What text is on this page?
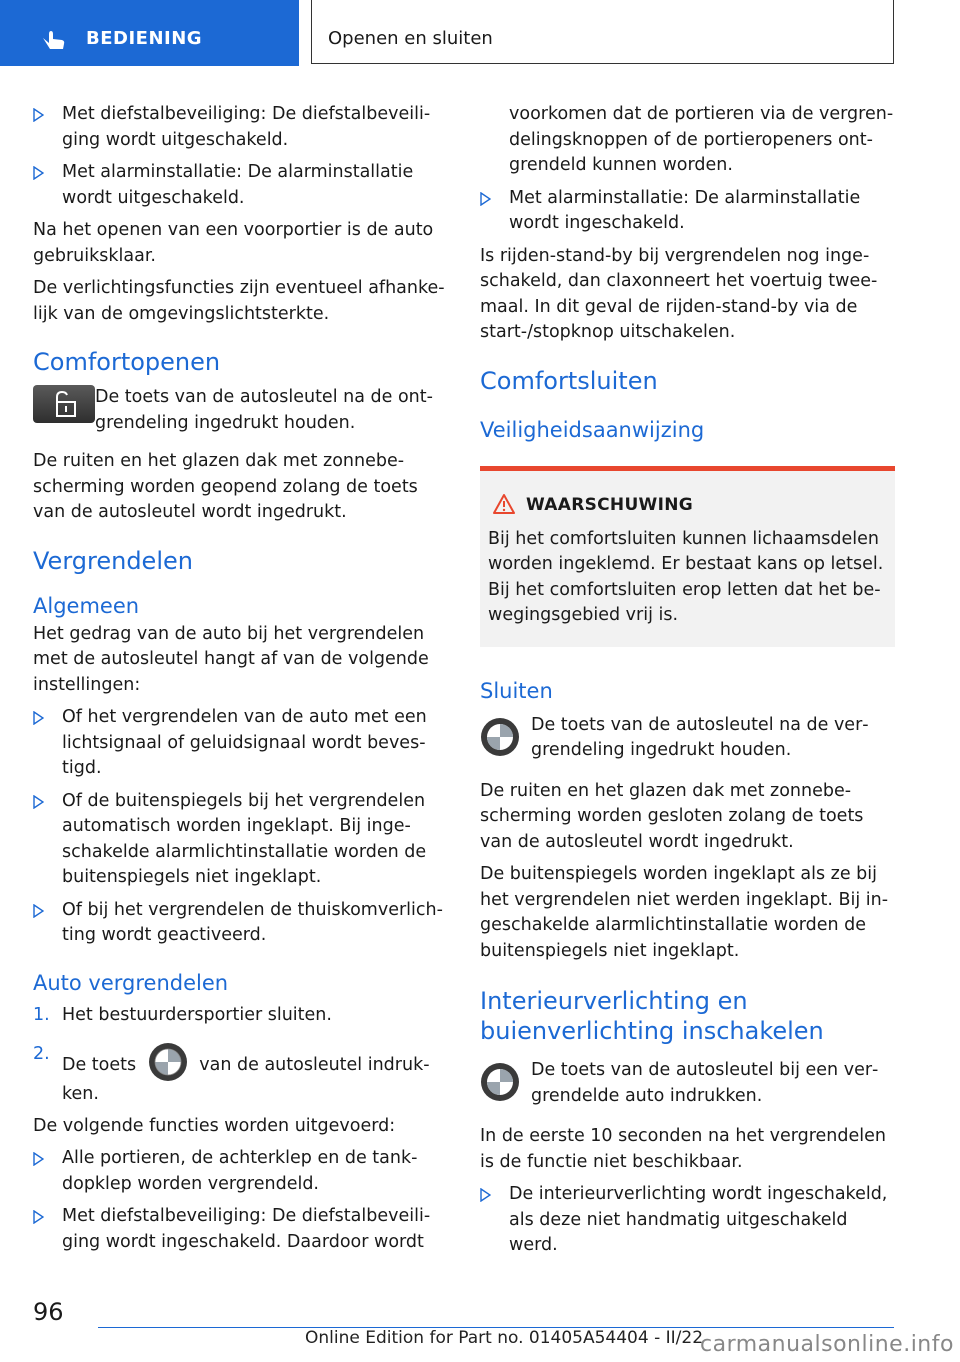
BEDIENING	Openen en sluiten
Met diefstalbeveiliging: De diefstalbeveiliging wordt uitgeschakeld.
Met alarminstallatie: De alarminstallatie wordt uitgeschakeld.

Na het openen van een voorportier is de auto gebruiksklaar.

De verlichtingsfuncties zijn eventueel afhankelijk van de omgevingslichtsterkte.

Comfortopenen

De toets van de autosleutel na de ontgrendeling ingedrukt houden.

De ruiten en het glazen dak met zonnebescherming worden geopend zolang de toets van de autosleutel wordt ingedrukt.

Vergrendelen
Algemeen

Het gedrag van de auto bij het vergrendelen met de autosleutel hangt af van de volgende instellingen:

Of het vergrendelen van de auto met een lichtsignaal of geluidsignaal wordt bevestigd.
Of de buitenspiegels bij het vergrendelen automatisch worden ingeklapt. Bij ingeschakelde alarmlichtinstallatie worden de buitenspiegels niet ingeklapt.
Of bij het vergrendelen de thuiskomverlichting wordt geactiveerd.
Auto vergrendelen
1. Het bestuurdersportier sluiten.
2.
De toets	van de autosleutel indrukken.

De volgende functies worden uitgevoerd:

Alle portieren, de achterklep en de tankdopklep worden vergrendeld.
Met diefstalbeveiliging: De diefstalbeveiliging wordt ingeschakeld. Daardoor wordt

voorkomen dat de portieren via de vergrendelingsknoppen of de portieropeners ontgrendeld kunnen worden.

Met alarminstallatie: De alarminstallatie wordt ingeschakeld.

Is rijden-stand-by bij vergrendelen nog ingeschakeld, dan claxonneert het voertuig tweemaal. In dit geval de rijden-stand-by via de start-/stopknop uitschakelen.

Comfortsluiten
Veiligheidsaanwijzing
WAARSCHUWING

Bij het comfortsluiten kunnen lichaamsdelen worden ingeklemd. Er bestaat kans op letsel. Bij het comfortsluiten erop letten dat het bewegingsgebied vrij is.

Sluiten

De toets van de autosleutel na de vergrendeling ingedrukt houden.

De ruiten en het glazen dak met zonnebescherming worden gesloten zolang de toets van de autosleutel wordt ingedrukt.

De buitenspiegels worden ingeklapt als ze bij het vergrendelen niet werden ingeklapt. Bij ingeschakelde alarmlichtinstallatie worden de buitenspiegels niet ingeklapt.

Interieurverlichting en buienverlichting inschakelen

De toets van de autosleutel bij een vergrendelde auto indrukken.

In de eerste 10 seconden na het vergrendelen is de functie niet beschikbaar.

De interieurverlichting wordt ingeschakeld, als deze niet handmatig uitgeschakeld werd.
96
Online Edition for Part no. 01405A54404 - II/22
carmanualsonline.info
